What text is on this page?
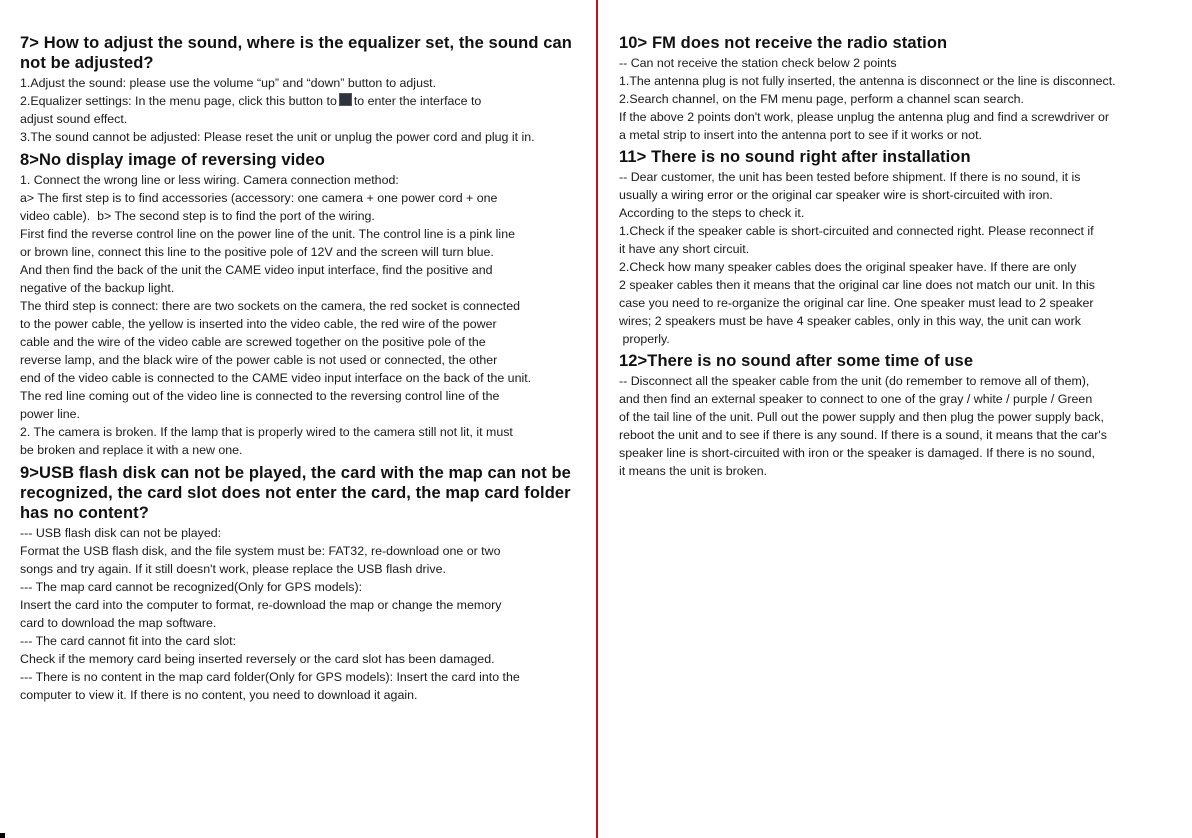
7> How to adjust the sound, where is the equalizer set, the sound can not be adjusted?
1.Adjust the sound: please use the volume “up” and “down” button to adjust.
2.Equalizer settings: In the menu page, click this button to to enter the interface to
adjust sound effect.
3.The sound cannot be adjusted: Please reset the unit or unplug the power cord and plug it in.
8>No display image of reversing video
1. Connect the wrong line or less wiring. Camera connection method:
a> The first step is to find accessories (accessory: one camera + one power cord + one
video cable).  b> The second step is to find the port of the wiring.
First find the reverse control line on the power line of the unit. The control line is a pink line
or brown line, connect this line to the positive pole of 12V and the screen will turn blue.
And then find the back of the unit the CAME video input interface, find the positive and
negative of the backup light.
The third step is connect: there are two sockets on the camera, the red socket is connected
to the power cable, the yellow is inserted into the video cable, the red wire of the power
cable and the wire of the video cable are screwed together on the positive pole of the
reverse lamp, and the black wire of the power cable is not used or connected, the other
end of the video cable is connected to the CAME video input interface on the back of the unit.
The red line coming out of the video line is connected to the reversing control line of the
power line.
2. The camera is broken. If the lamp that is properly wired to the camera still not lit, it must
be broken and replace it with a new one.
9>USB flash disk can not be played, the card with the map can not be recognized, the card slot does not enter the card, the map card folder has no content?
--- USB flash disk can not be played:
Format the USB flash disk, and the file system must be: FAT32, re-download one or two
songs and try again. If it still doesn't work, please replace the USB flash drive.
--- The map card cannot be recognized(Only for GPS models):
Insert the card into the computer to format, re-download the map or change the memory
card to download the map software.
--- The card cannot fit into the card slot:
Check if the memory card being inserted reversely or the card slot has been damaged.
--- There is no content in the map card folder(Only for GPS models): Insert the card into the
computer to view it. If there is no content, you need to download it again.
10> FM does not receive the radio station
-- Can not receive the station check below 2 points
1.The antenna plug is not fully inserted, the antenna is disconnect or the line is disconnect.
2.Search channel, on the FM menu page, perform a channel scan search.
If the above 2 points don't work, please unplug the antenna plug and find a screwdriver or
a metal strip to insert into the antenna port to see if it works or not.
11> There is no sound right after installation
-- Dear customer, the unit has been tested before shipment. If there is no sound, it is
usually a wiring error or the original car speaker wire is short-circuited with iron.
According to the steps to check it.
1.Check if the speaker cable is short-circuited and connected right. Please reconnect if
it have any short circuit.
2.Check how many speaker cables does the original speaker have. If there are only
2 speaker cables then it means that the original car line does not match our unit. In this
case you need to re-organize the original car line. One speaker must lead to 2 speaker
wires; 2 speakers must be have 4 speaker cables, only in this way, the unit can work
properly.
12>There is no sound after some time of use
-- Disconnect all the speaker cable from the unit (do remember to remove all of them),
and then find an external speaker to connect to one of the gray / white / purple / Green
of the tail line of the unit. Pull out the power supply and then plug the power supply back,
reboot the unit and to see if there is any sound. If there is a sound, it means that the car's
speaker line is short-circuited with iron or the speaker is damaged. If there is no sound,
it means the unit is broken.
